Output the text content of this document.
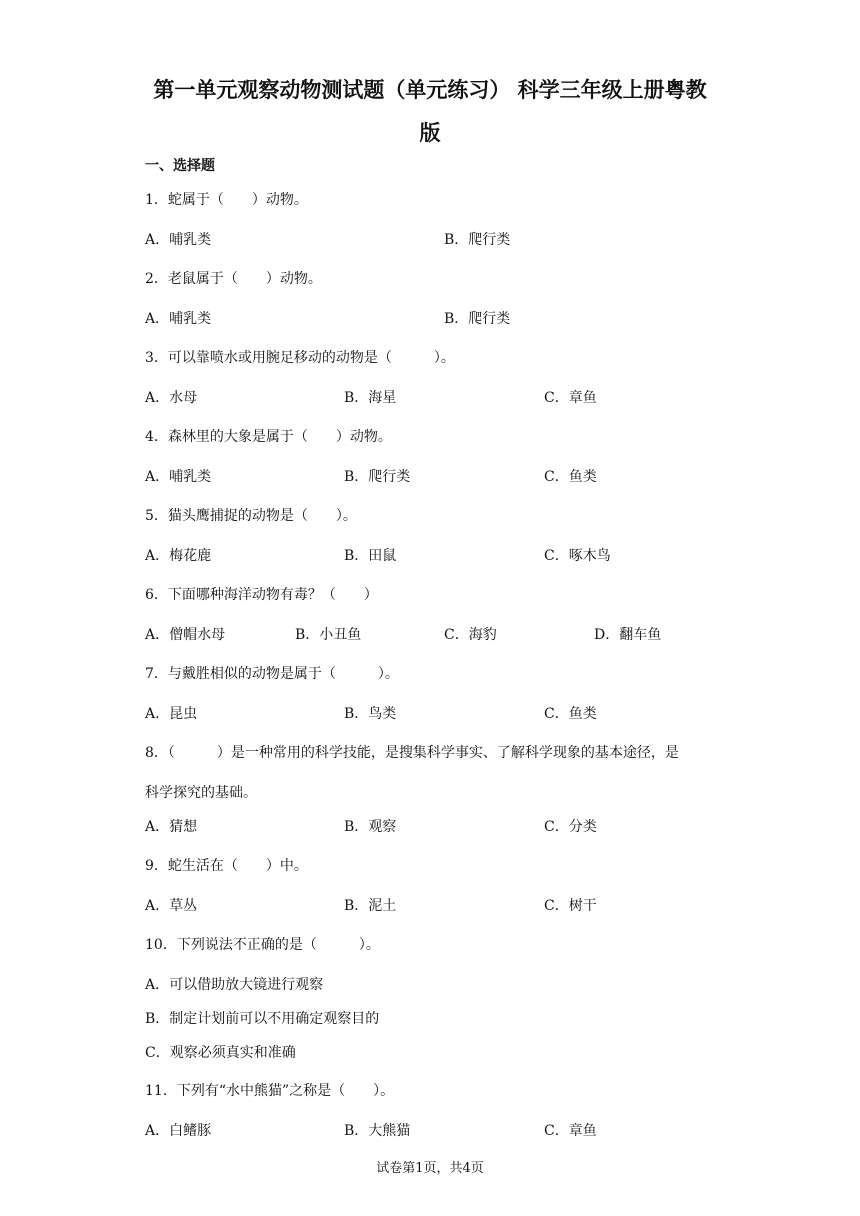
第一单元观察动物测试题（单元练习） 科学三年级上册粤教
版
一、选择题
1．蛇属于（　　）动物。
A．哺乳类	B．爬行类
2．老鼠属于（　　）动物。
A．哺乳类	B．爬行类
3．可以靠喷水或用腕足移动的动物是（　　　）。
A．水母	B．海星	C．章鱼
4．森林里的大象是属于（　　）动物。
A．哺乳类	B．爬行类	C．鱼类
5．猫头鹰捕捉的动物是（　　）。
A．梅花鹿	B．田鼠	C．啄木鸟
6．下面哪种海洋动物有毒？（　　）
A．僧帽水母	B．小丑鱼	C．海豹	D．翻车鱼
7．与戴胜相似的动物是属于（　　　）。
A．昆虫	B．鸟类	C．鱼类
8．（　　　）是一种常用的科学技能，是搜集科学事实、了解科学现象的基本途径，是
科学探究的基础。
A．猜想	B．观察	C．分类
9．蛇生活在（　　）中。
A．草丛	B．泥土	C．树干
10．下列说法不正确的是（　　　）。
A．可以借助放大镜进行观察
B．制定计划前可以不用确定观察目的
C．观察必须真实和准确
11．下列有“水中熊猫”之称是（　　）。
A．白鳍豚	B．大熊猫	C．章鱼
试卷第1页，共4页
